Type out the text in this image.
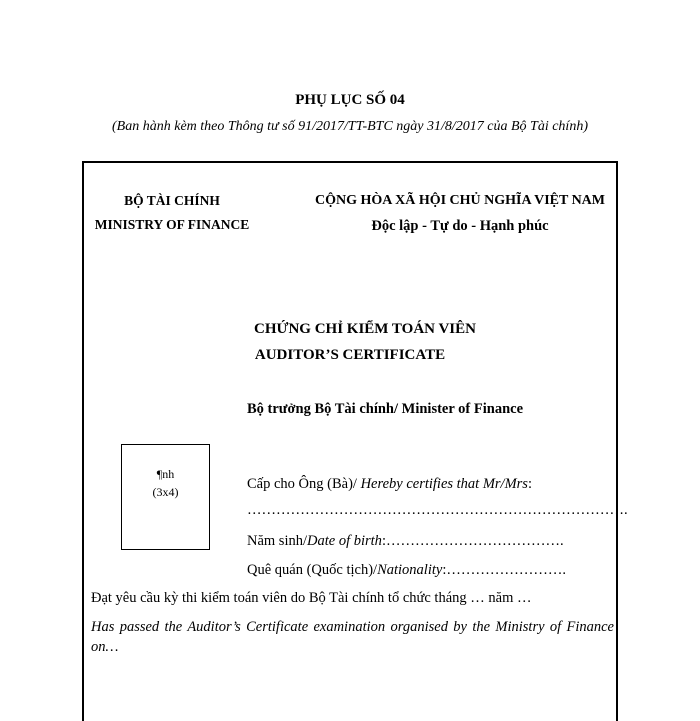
PHỤ LỤC SỐ 04
(Ban hành kèm theo Thông tư số 91/2017/TT-BTC ngày 31/8/2017 của Bộ Tài chính)
BỘ TÀI CHÍNH
MINISTRY OF FINANCE
CỘNG HÒA XÃ HỘI CHỦ NGHĨA VIỆT NAM
Độc lập - Tự do - Hạnh phúc
CHỨNG CHỈ KIỂM TOÁN VIÊN
AUDITOR’S CERTIFICATE
Bộ trưởng Bộ Tài chính/ Minister of Finance
¶nh
(3x4)	Cấp cho Ông (Bà)/ Hereby certifies that Mr/Mrs:
…………………………………………………………………….
Năm sinh/Date of birth:……………………………….
Quê quán (Quốc tịch)/Nationality:…………………….
Đạt yêu cầu kỳ thi kiểm toán viên do Bộ Tài chính tổ chức tháng … năm …
Has passed the Auditor’s Certificate examination organised by the Ministry of Finance on…
